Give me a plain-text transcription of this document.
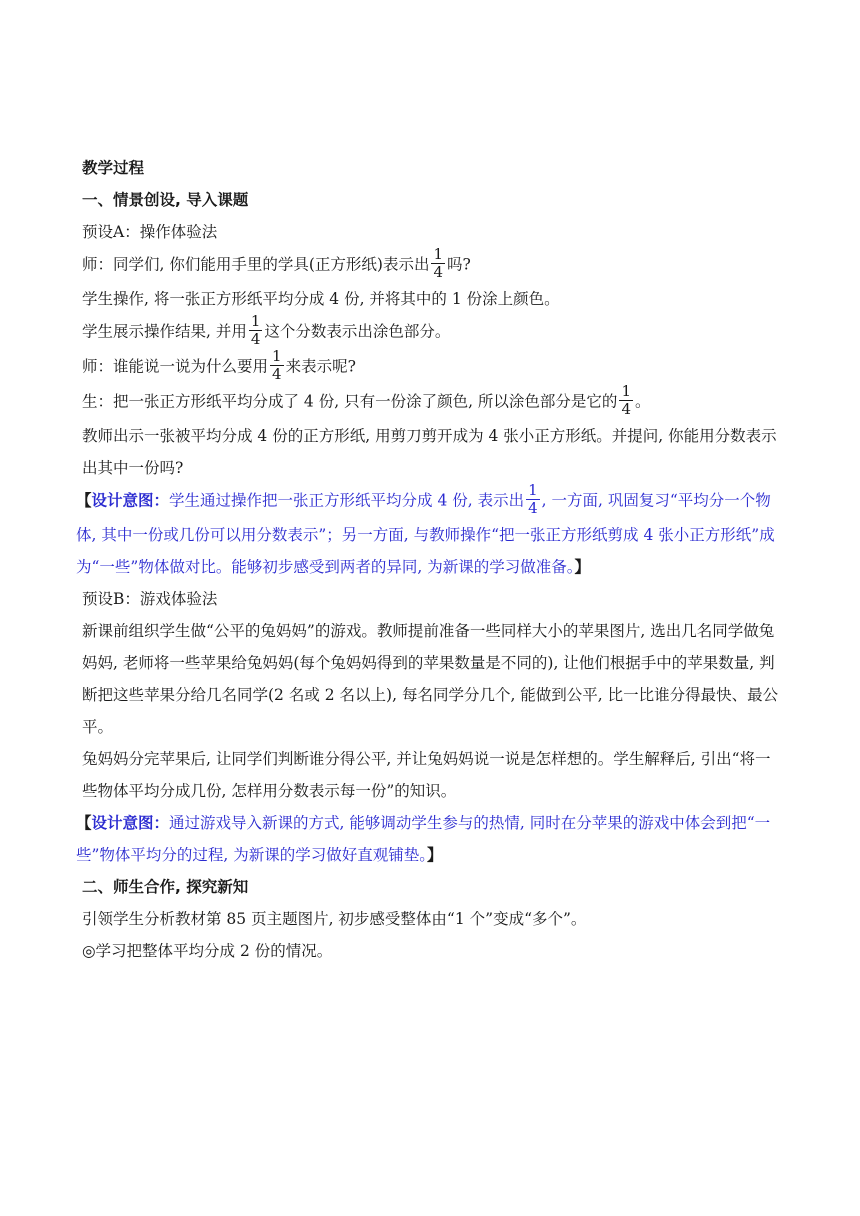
教学过程
一、情景创设, 导入课题
预设A：操作体验法
师：同学们, 你们能用手里的学具(正方形纸)表示出 $\frac{1}{4}$ 吗?
学生操作, 将一张正方形纸平均分成 4 份, 并将其中的 1 份涂上颜色。
学生展示操作结果, 并用 $\frac{1}{4}$ 这个分数表示出涂色部分。
师：谁能说一说为什么要用 $\frac{1}{4}$ 来表示呢?
生：把一张正方形纸平均分成了 4 份, 只有一份涂了颜色, 所以涂色部分是它的 $\frac{1}{4}$ 。
教师出示一张被平均分成 4 份的正方形纸, 用剪刀剪开成为 4 张小正方形纸。并提问, 你能用分数表示出其中一份吗?
【设计意图：学生通过操作把一张正方形纸平均分成 4 份, 表示出 $\frac{1}{4}$ , 一方面, 巩固复习“平均分一个物体, 其中一份或几份可以用分数表示”；另一方面, 与教师操作“把一张正方形纸剪成 4 张小正方形纸”成为“一些”物体做对比。能够初步感受到两者的异同, 为新课的学习做准备。】
预设B：游戏体验法
新课前组织学生做“公平的兔妈妈”的游戏。教师提前准备一些同样大小的苹果图片, 选出几名同学做兔妈妈, 老师将一些苹果给兔妈妈(每个兔妈妈得到的苹果数量是不同的), 让他们根据手中的苹果数量, 判断把这些苹果分给几名同学(2 名或 2 名以上), 每名同学分几个, 能做到公平, 比一比谁分得最快、最公平。
兔妈妈分完苹果后, 让同学们判断谁分得公平, 并让兔妈妈说一说是怎样想的。学生解释后, 引出“将一些物体平均分成几份, 怎样用分数表示每一份”的知识。
【设计意图：通过游戏导入新课的方式, 能够调动学生参与的热情, 同时在分苹果的游戏中体会到把“一些”物体平均分的过程, 为新课的学习做好直观铺垫。】
二、师生合作, 探究新知
引领学生分析教材第 85 页主题图片, 初步感受整体由“1 个”变成“多个”。
◎学习把整体平均分成 2 份的情况。
